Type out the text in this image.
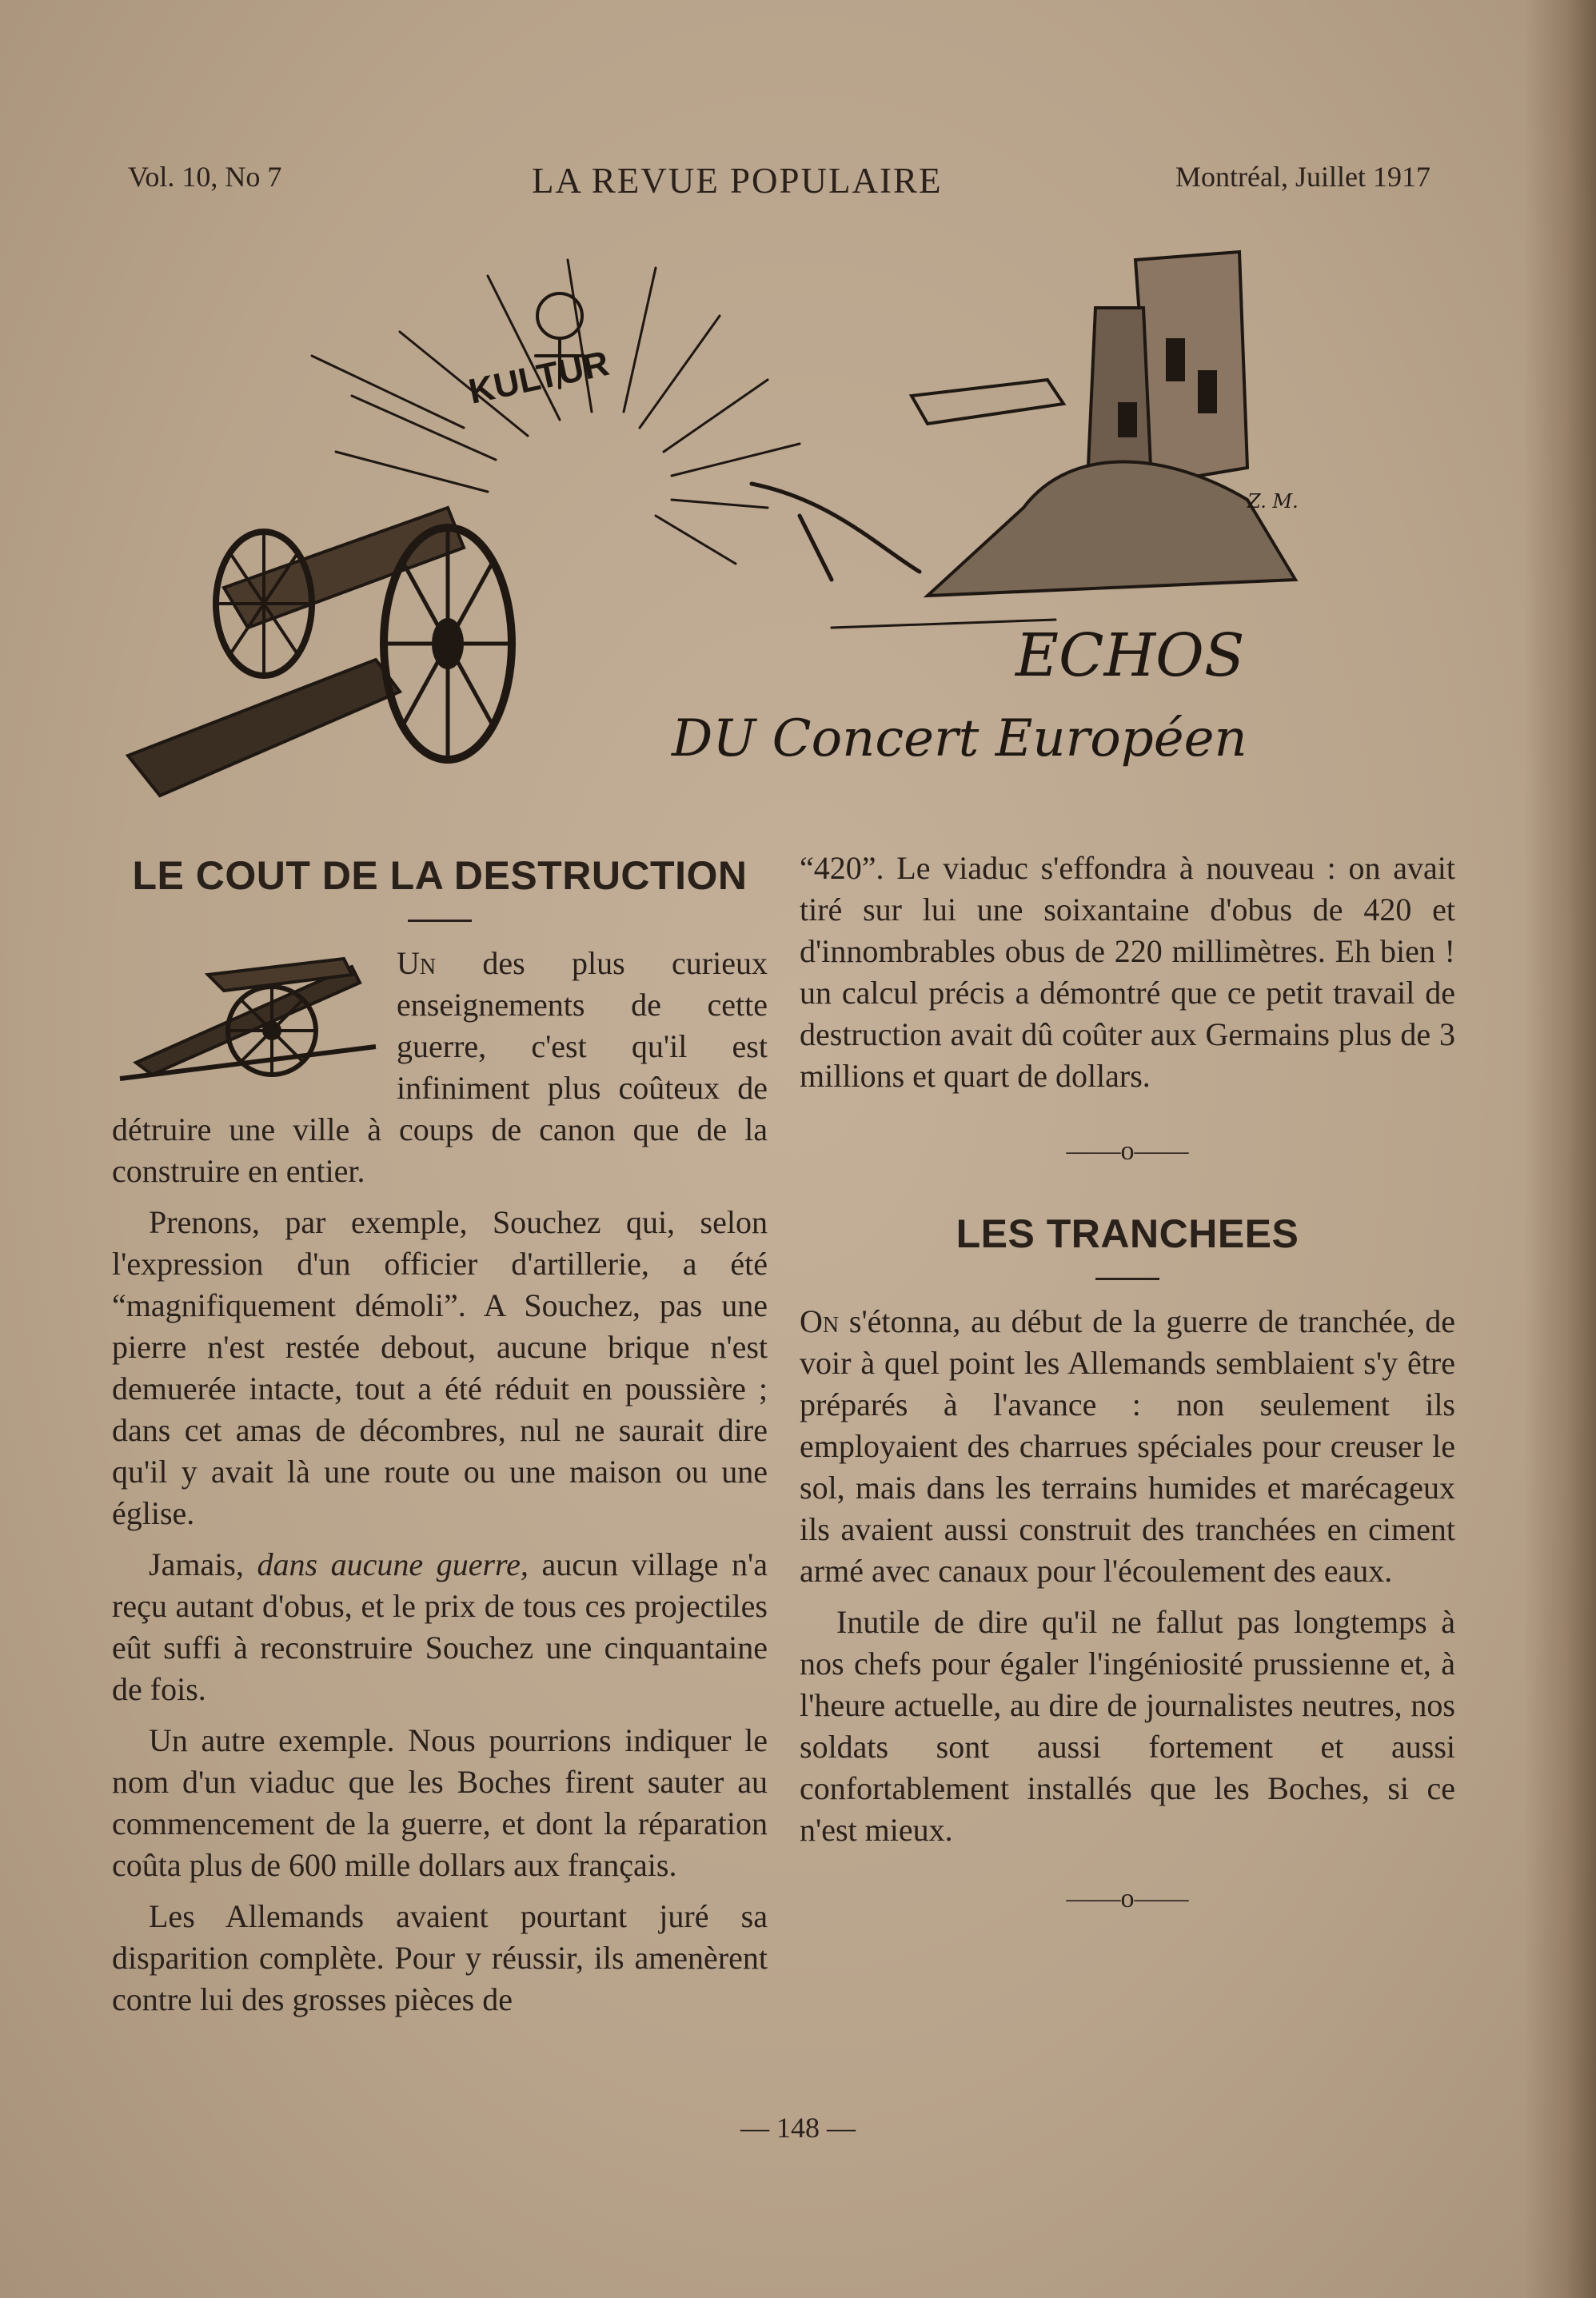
Vol. 10, No 7	LA REVUE POPULAIRE	Montréal, Juillet 1917
KULTUR
ECHOS
DU Concert Européen
Z. M.
LE COUT DE LA DESTRUCTION

Un des plus curieux enseignements de cette guerre, c'est qu'il est infiniment plus coûteux de détruire une ville à coups de canon que de la construire en entier.

Prenons, par exemple, Souchez qui, selon l'expression d'un officier d'artillerie, a été “magnifiquement démoli”. A Souchez, pas une pierre n'est restée debout, aucune brique n'est demuerée intacte, tout a été réduit en poussière ; dans cet amas de décombres, nul ne saurait dire qu'il y avait là une route ou une maison ou une église.

Jamais, dans aucune guerre, aucun village n'a reçu autant d'obus, et le prix de tous ces projectiles eût suffi à reconstruire Souchez une cinquantaine de fois.

Un autre exemple. Nous pourrions indiquer le nom d'un viaduc que les Boches firent sauter au commencement de la guerre, et dont la réparation coûta plus de 600 mille dollars aux français.

Les Allemands avaient pourtant juré sa disparition complète. Pour y réussir, ils amenèrent contre lui des grosses pièces de

“420”. Le viaduc s'effondra à nouveau : on avait tiré sur lui une soixantaine d'obus de 420 et d'innombrables obus de 220 millimètres. Eh bien ! un calcul précis a démontré que ce petit travail de destruction avait dû coûter aux Germains plus de 3 millions et quart de dollars.

——o——
LES TRANCHEES

On s'étonna, au début de la guerre de tranchée, de voir à quel point les Allemands semblaient s'y être préparés à l'avance : non seulement ils employaient des charrues spéciales pour creuser le sol, mais dans les terrains humides et marécageux ils avaient aussi construit des tranchées en ciment armé avec canaux pour l'écoulement des eaux.

Inutile de dire qu'il ne fallut pas longtemps à nos chefs pour égaler l'ingéniosité prussienne et, à l'heure actuelle, au dire de journalistes neutres, nos soldats sont aussi fortement et aussi confortablement installés que les Boches, si ce n'est mieux.

——o——
— 148 —
